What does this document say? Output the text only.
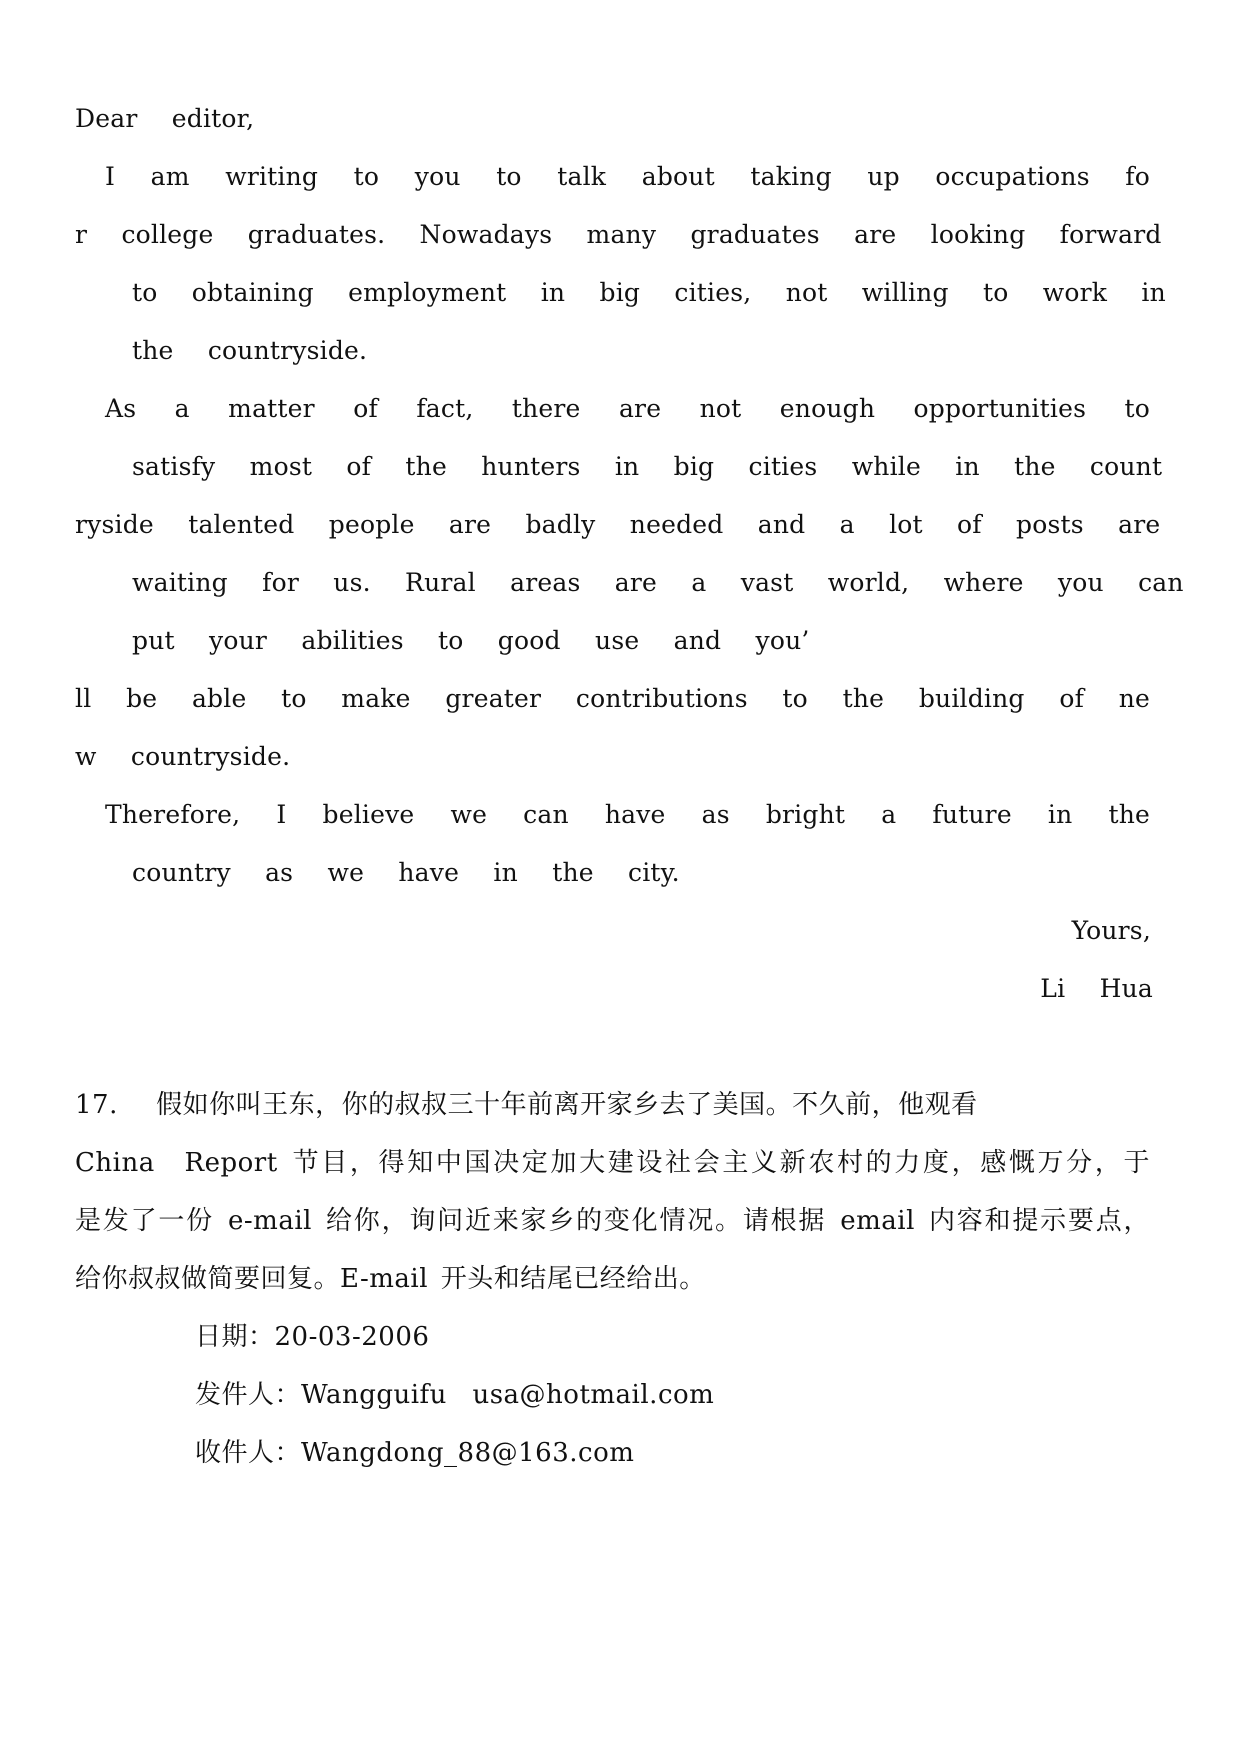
Dear  editor,
I  am  writing  to  you  to  talk  about  taking  up  occupations  fo
r  college  graduates.  Nowadays  many  graduates  are  looking  forward
to  obtaining  employment  in  big  cities,  not  willing  to  work  in
the  countryside.
As  a  matter  of  fact,  there  are  not  enough  opportunities  to
satisfy  most  of  the  hunters  in  big  cities  while  in  the  count
ryside  talented  people  are  badly  needed  and  a  lot  of  posts  are
waiting  for  us.  Rural  areas  are  a  vast  world,  where  you  can
put  your  abilities  to  good  use  and  you’
ll  be  able  to  make  greater  contributions  to  the  building  of  ne
w  countryside.
Therefore,  I  believe  we  can  have  as  bright  a  future  in  the
country  as  we  have  in  the  city.
Yours,
Li  Hua
17.   假如你叫王东，你的叔叔三十年前离开家乡去了美国。不久前，他观看
China  Report 节目，得知中国决定加大建设社会主义新农村的力度，感慨万分，于
是发了一份 e-mail 给你，询问近来家乡的变化情况。请根据 email 内容和提示要点，
给你叔叔做简要回复。E-mail 开头和结尾已经给出。
日期：20-03-2006
发件人：Wangguifu  usa@hotmail.com
收件人：Wangdong_88@163.com
